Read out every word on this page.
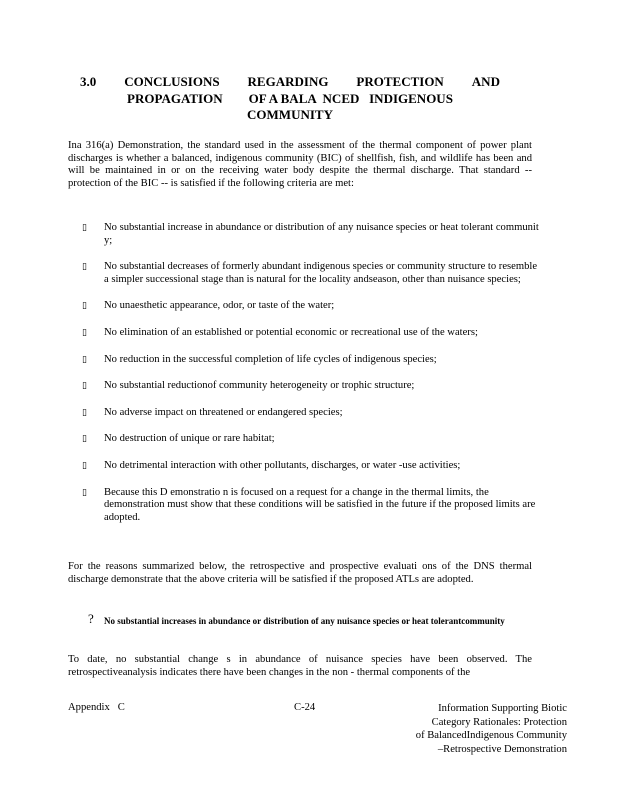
3.0 CONCLUSIONS REGARDING PROTECTION AND
PROPAGATION        OF A BALA  NCED   INDIGENOUS
COMMUNITY

Ina 316(a) Demonstration, the standard used in the assessment of the thermal component of power plant discharges is whether a balanced, indigenous community (BIC) of shellfish, fish, and wildlife has been and will be maintained in or on the receiving water body despite the thermal discharge. That standard --protection of the BIC -- is satisfied if the following criteria are met:

▯ No substantial increase in abundance or distribution of any nuisance species or heat tolerant communit y;
▯ No substantial decreases of formerly abundant indigenous species or community structure to resemble a simpler successional stage than is natural for the locality andseason, other than nuisance species;
▯ No unaesthetic appearance, odor, or taste of the water;
▯ No elimination of an established or potential economic or recreational use of the waters;
▯ No reduction in the successful completion of life cycles of indigenous species;
▯ No substantial reductionof community heterogeneity or trophic structure;
▯ No adverse impact on threatened or endangered species;
▯ No destruction of unique or rare habitat;
▯ No detrimental interaction with other pollutants, discharges, or water -use activities;
▯ Because this D emonstratio n is focused on a request for a change in the thermal limits, the demonstration must show that these conditions will be satisfied in the future if the proposed limits are adopted.

For the reasons summarized below, the retrospective and prospective evaluati ons of the DNS thermal discharge demonstrate that the above criteria will be satisfied if the proposed ATLs are adopted.

?	No substantial increases in abundance or distribution of any nuisance species or heat tolerantcommunity

To date, no substantial change s in abundance of nuisance species have been observed. The retrospectiveanalysis indicates there have been changes in the non - thermal components of the

Appendix   C	C-24	Information Supporting Biotic
Category Rationales: Protection
of BalancedIndigenous Community
–Retrospective Demonstration
